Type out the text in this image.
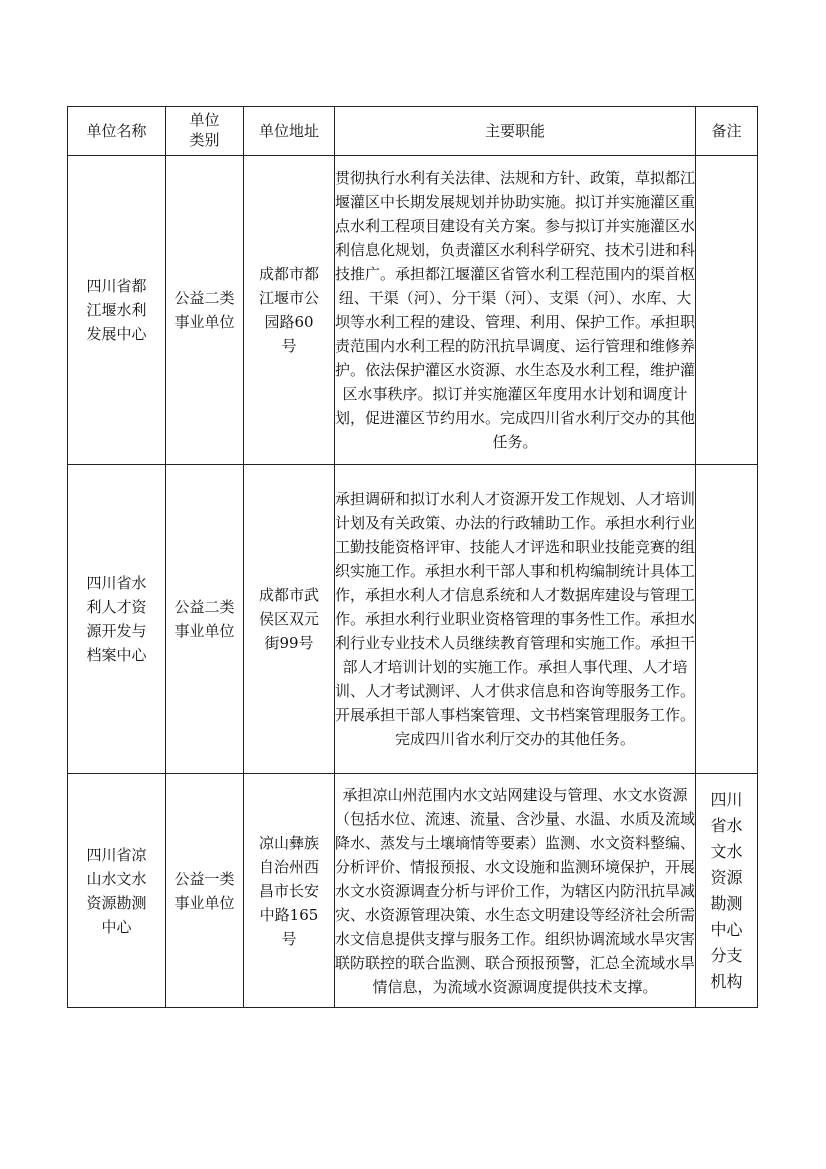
单位名称	单位类别	单位地址	主要职能	备注
四川省都江堰水利发展中心	公益二类事业单位	成都市都江堰市公园路60号	贯彻执行水利有关法律、法规和方针、政策，草拟都江堰灌区中长期发展规划并协助实施。拟订并实施灌区重点水利工程项目建设有关方案。参与拟订并实施灌区水利信息化规划，负责灌区水利科学研究、技术引进和科技推广。承担都江堰灌区省管水利工程范围内的渠首枢纽、干渠（河）、分干渠（河）、支渠（河）、水库、大坝等水利工程的建设、管理、利用、保护工作。承担职责范围内水利工程的防汛抗旱调度、运行管理和维修养护。依法保护灌区水资源、水生态及水利工程，维护灌区水事秩序。拟订并实施灌区年度用水计划和调度计划，促进灌区节约用水。完成四川省水利厅交办的其他任务。	
四川省水利人才资源开发与档案中心	公益二类事业单位	成都市武侯区双元街99号	承担调研和拟订水利人才资源开发工作规划、人才培训计划及有关政策、办法的行政辅助工作。承担水利行业工勤技能资格评审、技能人才评选和职业技能竞赛的组织实施工作。承担水利干部人事和机构编制统计具体工作，承担水利人才信息系统和人才数据库建设与管理工作。承担水利行业职业资格管理的事务性工作。承担水利行业专业技术人员继续教育管理和实施工作。承担干部人才培训计划的实施工作。承担人事代理、人才培训、人才考试测评、人才供求信息和咨询等服务工作。开展承担干部人事档案管理、文书档案管理服务工作。完成四川省水利厅交办的其他任务。	
四川省凉山水文水资源勘测中心	公益一类事业单位	凉山彝族自治州西昌市长安中路165号	承担凉山州范围内水文站网建设与管理、水文水资源（包括水位、流速、流量、含沙量、水温、水质及流域降水、蒸发与土壤墒情等要素）监测、水文资料整编、分析评价、情报预报、水文设施和监测环境保护，开展水文水资源调查分析与评价工作，为辖区内防汛抗旱减灾、水资源管理决策、水生态文明建设等经济社会所需水文信息提供支撑与服务工作。组织协调流域水旱灾害联防联控的联合监测、联合预报预警，汇总全流域水旱情信息，为流域水资源调度提供技术支撑。	四川省水文水资源勘测中心分支机构
